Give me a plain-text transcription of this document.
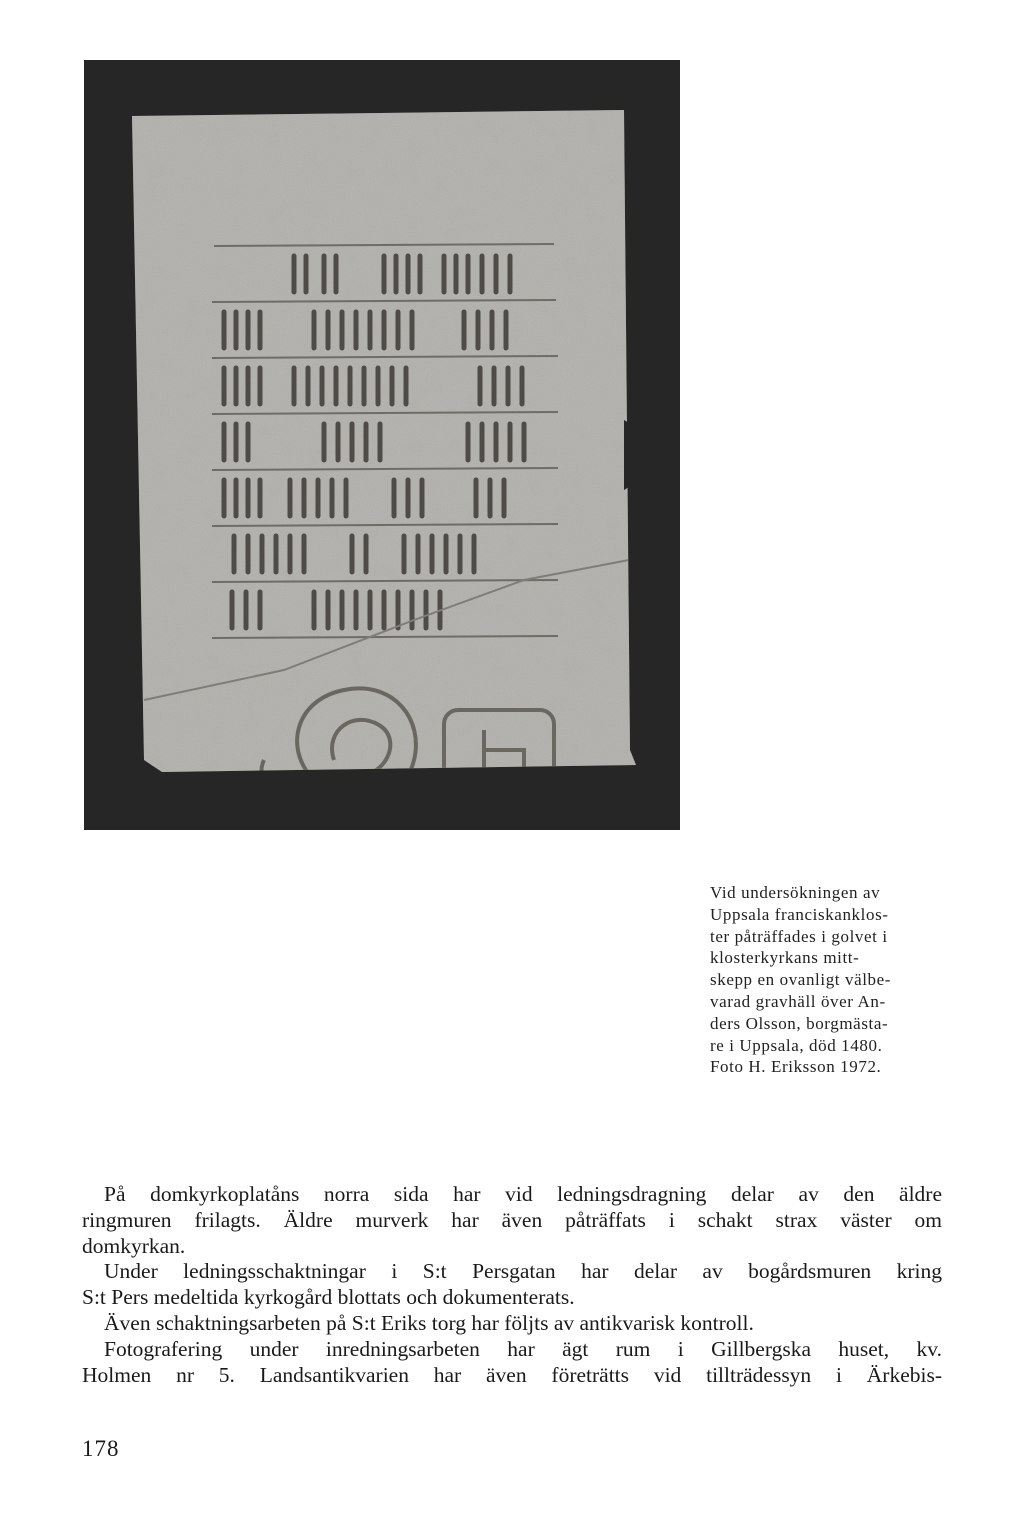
Vid undersökningen av
Uppsala franciskanklos-
ter påträffades i golvet i
klosterkyrkans mitt-
skepp en ovanligt välbe-
varad gravhäll över An-
ders Olsson, borgmästa-
re i Uppsala, död 1480.
Foto H. Eriksson 1972.
På domkyrkoplatåns norra sida har vid ledningsdragning delar av den äldre
ringmuren frilagts. Äldre murverk har även påträffats i schakt strax väster om
domkyrkan.
Under ledningsschaktningar i S:t Persgatan har delar av bogårdsmuren kring
S:t Pers medeltida kyrkogård blottats och dokumenterats.
Även schaktningsarbeten på S:t Eriks torg har följts av antikvarisk kontroll.
Fotografering under inredningsarbeten har ägt rum i Gillbergska huset, kv.
Holmen nr 5. Landsantikvarien har även företrätts vid tillträdessyn i Ärkebis-
178
